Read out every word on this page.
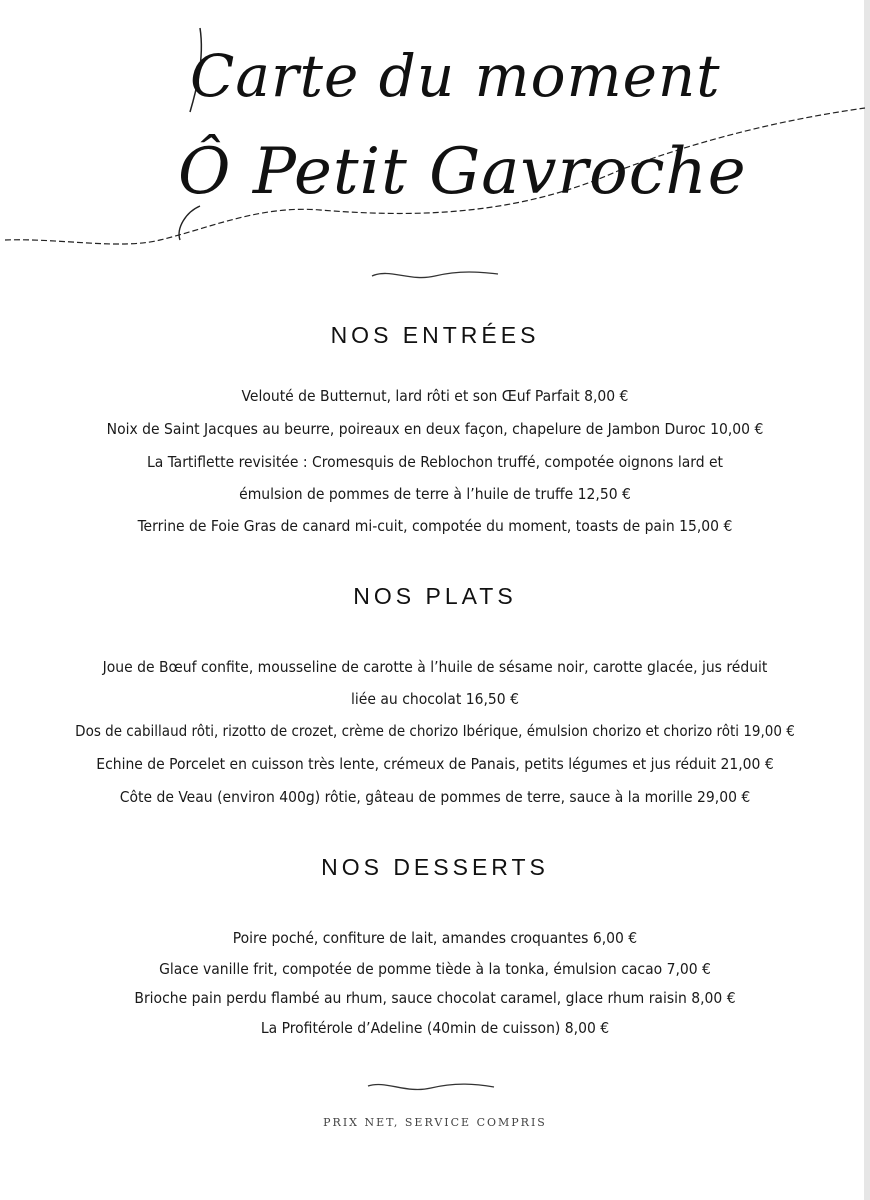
Carte du moment
Ô Petit Gavroche
NOS ENTRÉES
Velouté de Butternut, lard rôti et son Œuf Parfait 8,00 €
Noix de Saint Jacques au beurre, poireaux en deux façon, chapelure de Jambon Duroc 10,00 €
La Tartiflette revisitée : Cromesquis de Reblochon truffé, compotée oignons lard et
émulsion de pommes de terre à l’huile de truffe 12,50 €
Terrine de Foie Gras de canard mi-cuit, compotée du moment, toasts de pain 15,00 €
NOS PLATS
Joue de Bœuf confite, mousseline de carotte à l’huile de sésame noir, carotte glacée, jus réduit
liée au chocolat 16,50 €
Dos de cabillaud rôti, rizotto de crozet, crème de chorizo Ibérique, émulsion chorizo et chorizo rôti 19,00 €
Echine de Porcelet en cuisson très lente, crémeux de Panais, petits légumes et jus réduit 21,00 €
Côte de Veau (environ 400g) rôtie, gâteau de pommes de terre, sauce à la morille 29,00 €
NOS DESSERTS
Poire poché, confiture de lait, amandes croquantes 6,00 €
Glace vanille frit, compotée de pomme tiède à la tonka, émulsion cacao 7,00 €
Brioche pain perdu flambé au rhum, sauce chocolat caramel, glace rhum raisin 8,00 €
La Profitérole d’Adeline (40min de cuisson) 8,00 €
PRIX NET, SERVICE COMPRIS
